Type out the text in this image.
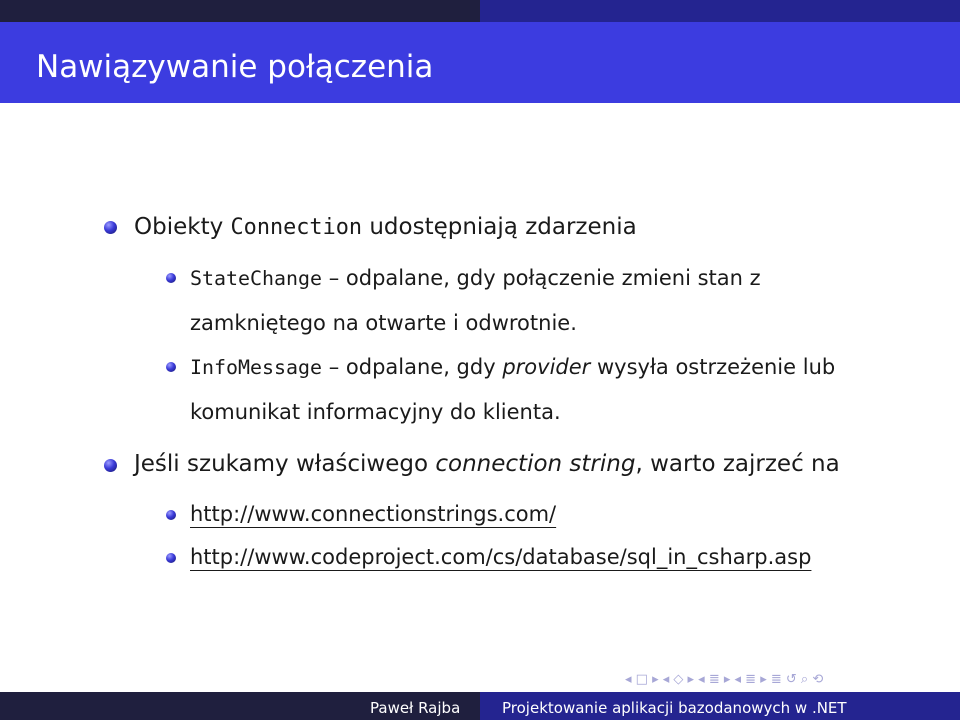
Nawiązywanie połączenia
Obiekty Connection udostępniają zdarzenia
StateChange – odpalane, gdy połączenie zmieni stan z
zamkniętego na otwarte i odwrotnie.
InfoMessage – odpalane, gdy provider wysyła ostrzeżenie lub
komunikat informacyjny do klienta.
Jeśli szukamy właściwego connection string, warto zajrzeć na
http://www.connectionstrings.com/
http://www.codeproject.com/cs/database/sql_in_csharp.asp
◂ □ ▸ ◂ ◇ ▸ ◂ ≣ ▸ ◂ ≣ ▸ ≣ ↺ ⌕ ⟲
Paweł Rajba	Projektowanie aplikacji bazodanowych w .NET
